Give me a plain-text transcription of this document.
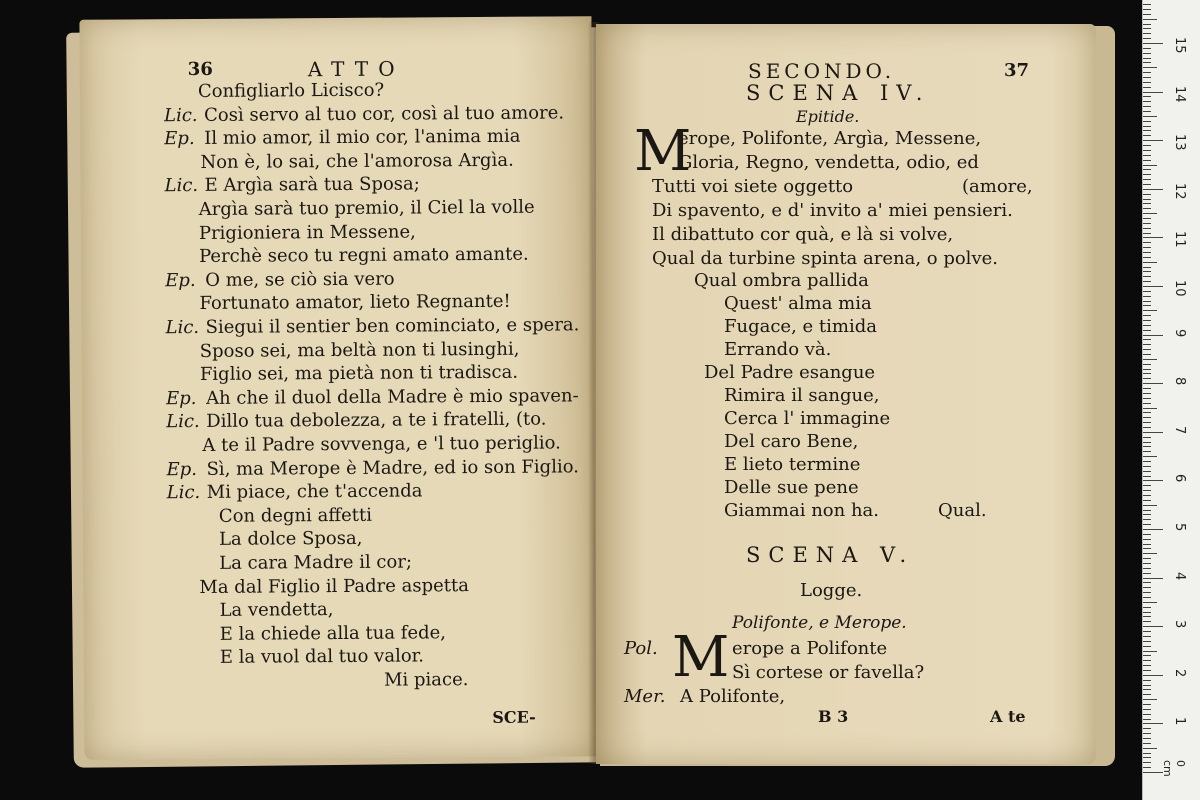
36	ATTO
Configliarlo Licisco?
Lic. Così servo al tuo cor, così al tuo amore.
Ep. Il mio amor, il mio cor, l'anima mia
Non è, lo sai, che l'amorosa Argìa.
Lic. E Argìa sarà tua Sposa;
Argìa sarà tuo premio, il Ciel la volle
Prigioniera in Messene,
Perchè seco tu regni amato amante.
Ep. O me, se ciò sia vero
Fortunato amator, lieto Regnante!
Lic. Siegui il sentier ben cominciato, e spera.
Sposo sei, ma beltà non ti lusinghi,
Figlio sei, ma pietà non ti tradisca.
Ep. Ah che il duol della Madre è mio spaven-
Lic. Dillo tua debolezza, a te i fratelli, (to.
A te il Padre sovvenga, e 'l tuo periglio.
Ep. Sì, ma Merope è Madre, ed io son Figlio.
Lic. Mi piace, che t'accenda
Con degni affetti
La dolce Sposa,
La cara Madre il cor;
Ma dal Figlio il Padre aspetta
La vendetta,
E la chiede alla tua fede,
E la vuol dal tuo valor.
Mi piace.
SCE-
SECONDO.	37
SCENA IV.
Epitide.
M
erope, Polifonte, Argìa, Messene,
Gloria, Regno, vendetta, odio, ed
Tutti voi siete oggetto	(amore,
Di spavento, e d' invito a' miei pensieri.
Il dibattuto cor quà, e là si volve,
Qual da turbine spinta arena, o polve.
Qual ombra pallida
Quest' alma mia
Fugace, e timida
Errando và.
Del Padre esangue
Rimira il sangue,
Cerca l' immagine
Del caro Bene,
E lieto termine
Delle sue pene
Giammai non ha.	Qual.
SCENA V.
Logge.
Polifonte, e Merope.
M
Pol.	erope a Polifonte
Sì cortese or favella?
Mer. A Polifonte,
B 3	A te
0 cm
1
2
3
4
5
6
7
8
9
10
11
12
13
14
15
